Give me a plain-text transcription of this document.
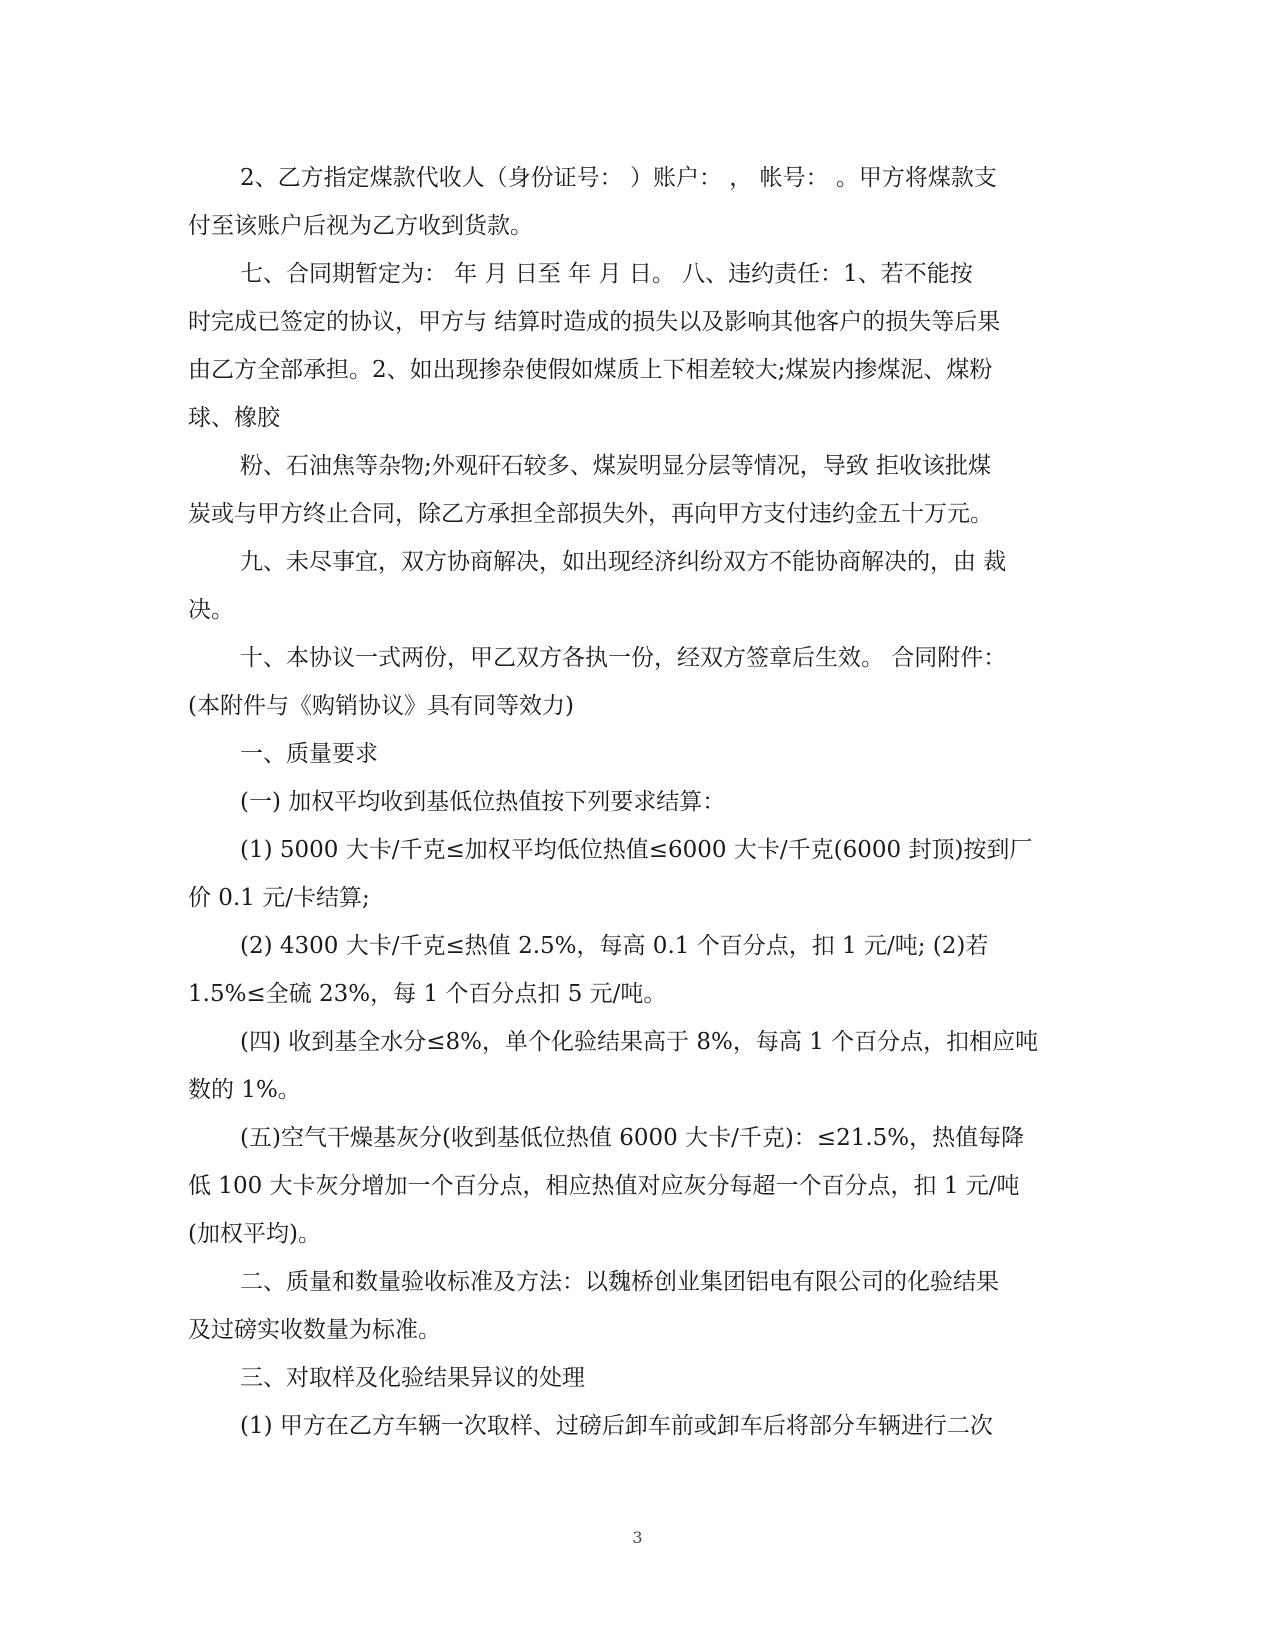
2、乙方指定煤款代收人（身份证号： ）账户： ， 帐号： 。甲方将煤款支
付至该账户后视为乙方收到货款。
七、合同期暂定为： 年 月 日至 年 月 日。 八、违约责任：1、若不能按
时完成已签定的协议，甲方与 结算时造成的损失以及影响其他客户的损失等后果
由乙方全部承担。2、如出现掺杂使假如煤质上下相差较大;煤炭内掺煤泥、煤粉
球、橡胶
粉、石油焦等杂物;外观矸石较多、煤炭明显分层等情况，导致 拒收该批煤
炭或与甲方终止合同，除乙方承担全部损失外，再向甲方支付违约金五十万元。
九、未尽事宜，双方协商解决，如出现经济纠纷双方不能协商解决的，由 裁
决。
十、本协议一式两份，甲乙双方各执一份，经双方签章后生效。 合同附件：
(本附件与《购销协议》具有同等效力)
一、质量要求
(一) 加权平均收到基低位热值按下列要求结算：
(1) 5000 大卡/千克≤加权平均低位热值≤6000 大卡/千克(6000 封顶)按到厂
价 0.1 元/卡结算;
(2) 4300 大卡/千克≤热值 2.5%，每高 0.1 个百分点，扣 1 元/吨; (2)若
1.5%≤全硫 23%，每 1 个百分点扣 5 元/吨。
(四) 收到基全水分≤8%，单个化验结果高于 8%，每高 1 个百分点，扣相应吨
数的 1%。
(五)空气干燥基灰分(收到基低位热值 6000 大卡/千克)：≤21.5%，热值每降
低 100 大卡灰分增加一个百分点，相应热值对应灰分每超一个百分点，扣 1 元/吨
(加权平均)。
二、质量和数量验收标准及方法：以魏桥创业集团铝电有限公司的化验结果
及过磅实收数量为标准。
三、对取样及化验结果异议的处理
(1) 甲方在乙方车辆一次取样、过磅后卸车前或卸车后将部分车辆进行二次
3
